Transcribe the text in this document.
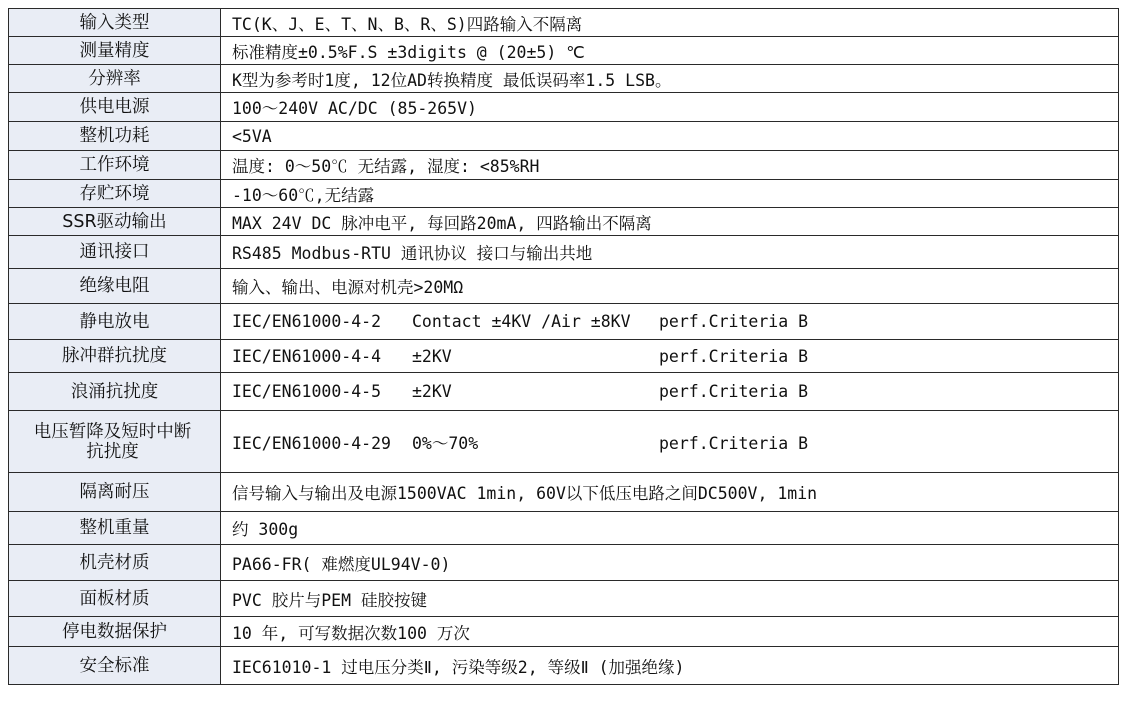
输入类型	TC(K、J、E、T、N、B、R、S)四路输入不隔离
测量精度	标准精度±0.5%F.S ±3digits @ (20±5) ℃
分辨率	K型为参考时1度, 12位AD转换精度 最低误码率1.5 LSB。
供电电源	100～240V AC/DC (85-265V)
整机功耗	<5VA
工作环境	温度: 0～50℃ 无结露, 湿度: <85%RH
存贮环境	-10～60℃,无结露
SSR驱动输出	MAX 24V DC 脉冲电平, 每回路20mA, 四路输出不隔离
通讯接口	RS485 Modbus-RTU 通讯协议 接口与输出共地
绝缘电阻	输入、输出、电源对机壳>20MΩ
静电放电	IEC/EN61000-4-2 Contact ±4KV /Air ±8KV perf.Criteria B
脉冲群抗扰度	IEC/EN61000-4-4 ±2KV perf.Criteria B
浪涌抗扰度	IEC/EN61000-4-5 ±2KV perf.Criteria B
电压暂降及短时中断抗扰度	IEC/EN61000-4-29 0%～70% perf.Criteria B
隔离耐压	信号输入与输出及电源1500VAC 1min, 60V以下低压电路之间DC500V, 1min
整机重量	约 300g
机壳材质	PA66-FR( 难燃度UL94V-0)
面板材质	PVC 胶片与PEM 硅胶按键
停电数据保护	10 年, 可写数据次数100 万次
安全标准	IEC61010-1 过电压分类Ⅱ, 污染等级2, 等级Ⅱ (加强绝缘)
